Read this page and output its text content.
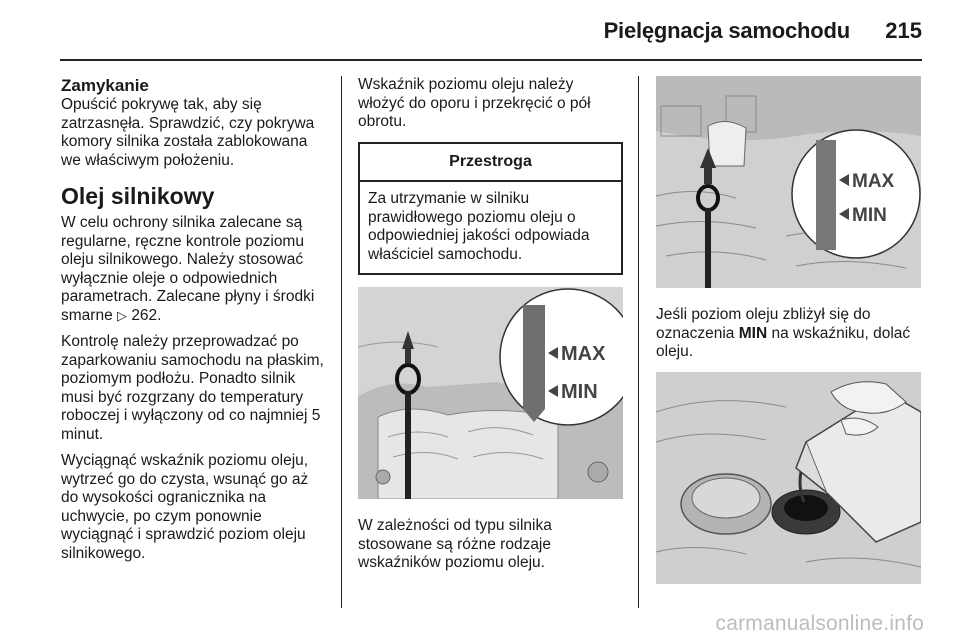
Pielęgnacja samochodu 215
Zamykanie

Opuścić pokrywę tak, aby się zatrzasnęła. Sprawdzić, czy pokrywa komory silnika została zablokowana we właściwym położeniu.

Olej silnikowy

W celu ochrony silnika zalecane są regularne, ręczne kontrole poziomu oleju silnikowego. Należy stosować wyłącznie oleje o odpowiednich parametrach. Zalecane płyny i środki smarne ▷ 262.

Kontrolę należy przeprowadzać po zaparkowaniu samochodu na płaskim, poziomym podłożu. Ponadto silnik musi być rozgrzany do temperatury roboczej i wyłączony od co najmniej 5 minut.

Wyciągnąć wskaźnik poziomu oleju, wytrzeć go do czysta, wsunąć go aż do wysokości ogranicznika na uchwycie, po czym ponownie wyciągnąć i sprawdzić poziom oleju silnikowego.

Wskaźnik poziomu oleju należy włożyć do oporu i przekręcić o pół obrotu.

Przestroga
Za utrzymanie w silniku prawidłowego poziomu oleju o odpowiedniej jakości odpowiada właściciel samochodu.
MAX
MIN

W zależności od typu silnika stosowane są różne rodzaje wskaźników poziomu oleju.

MAX
MIN

Jeśli poziom oleju zbliżył się do oznaczenia MIN na wskaźniku, dolać oleju.

carmanualsonline.info
